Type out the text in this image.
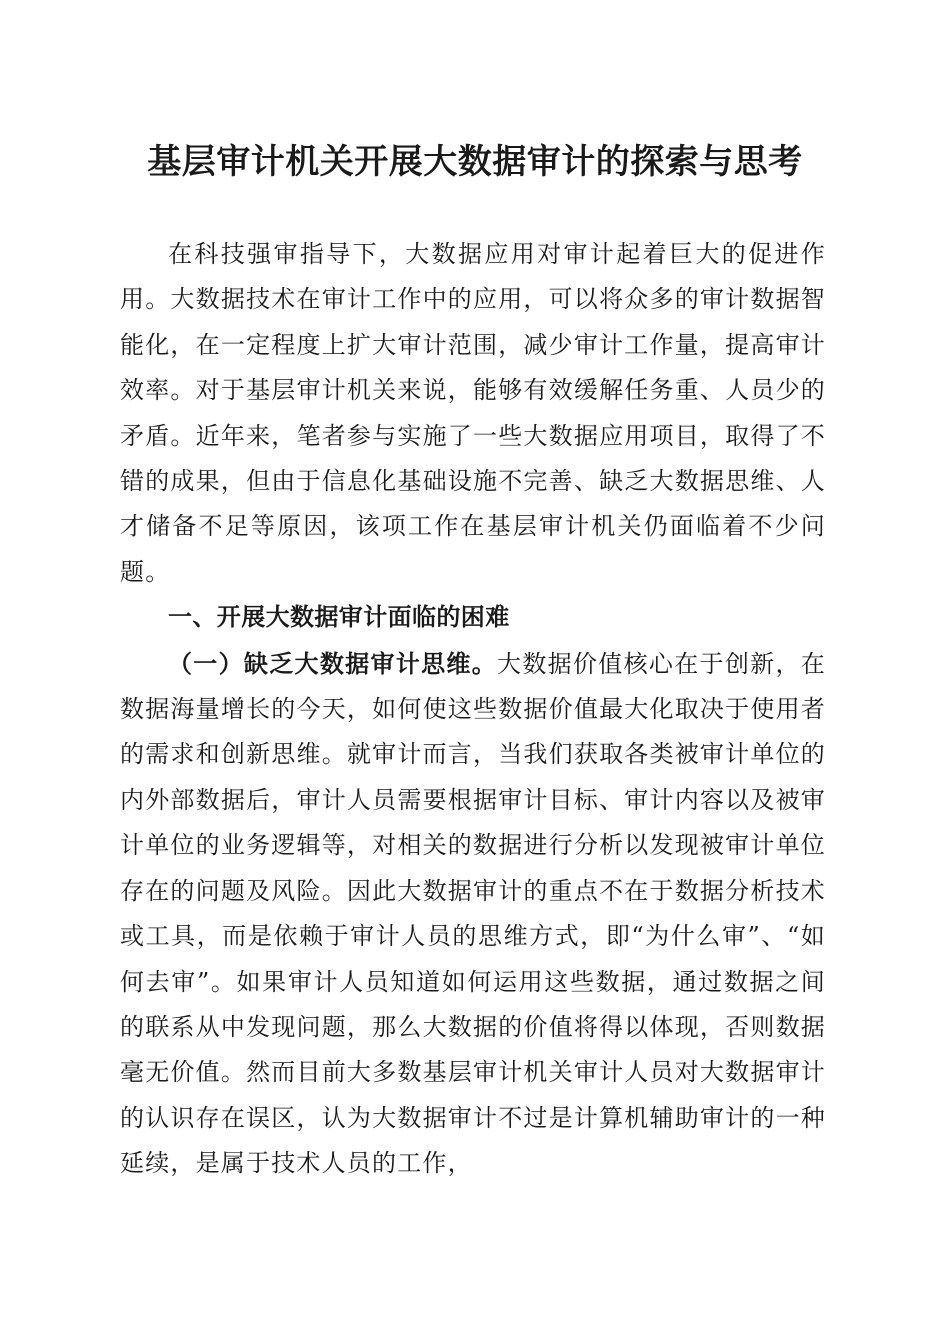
基层审计机关开展大数据审计的探索与思考

在科技强审指导下，大数据应用对审计起着巨大的促进作用。大数据技术在审计工作中的应用，可以将众多的审计数据智能化，在一定程度上扩大审计范围，减少审计工作量，提高审计效率。对于基层审计机关来说，能够有效缓解任务重、人员少的矛盾。近年来，笔者参与实施了一些大数据应用项目，取得了不错的成果，但由于信息化基础设施不完善、缺乏大数据思维、人才储备不足等原因，该项工作在基层审计机关仍面临着不少问题。

一、开展大数据审计面临的困难

（一）缺乏大数据审计思维。大数据价值核心在于创新，在数据海量增长的今天，如何使这些数据价值最大化取决于使用者的需求和创新思维。就审计而言，当我们获取各类被审计单位的内外部数据后，审计人员需要根据审计目标、审计内容以及被审计单位的业务逻辑等，对相关的数据进行分析以发现被审计单位存在的问题及风险。因此大数据审计的重点不在于数据分析技术或工具，而是依赖于审计人员的思维方式，即“为什么审”、“如何去审”。如果审计人员知道如何运用这些数据，通过数据之间的联系从中发现问题，那么大数据的价值将得以体现，否则数据毫无价值。然而目前大多数基层审计机关审计人员对大数据审计的认识存在误区，认为大数据审计不过是计算机辅助审计的一种延续，是属于技术人员的工作，
